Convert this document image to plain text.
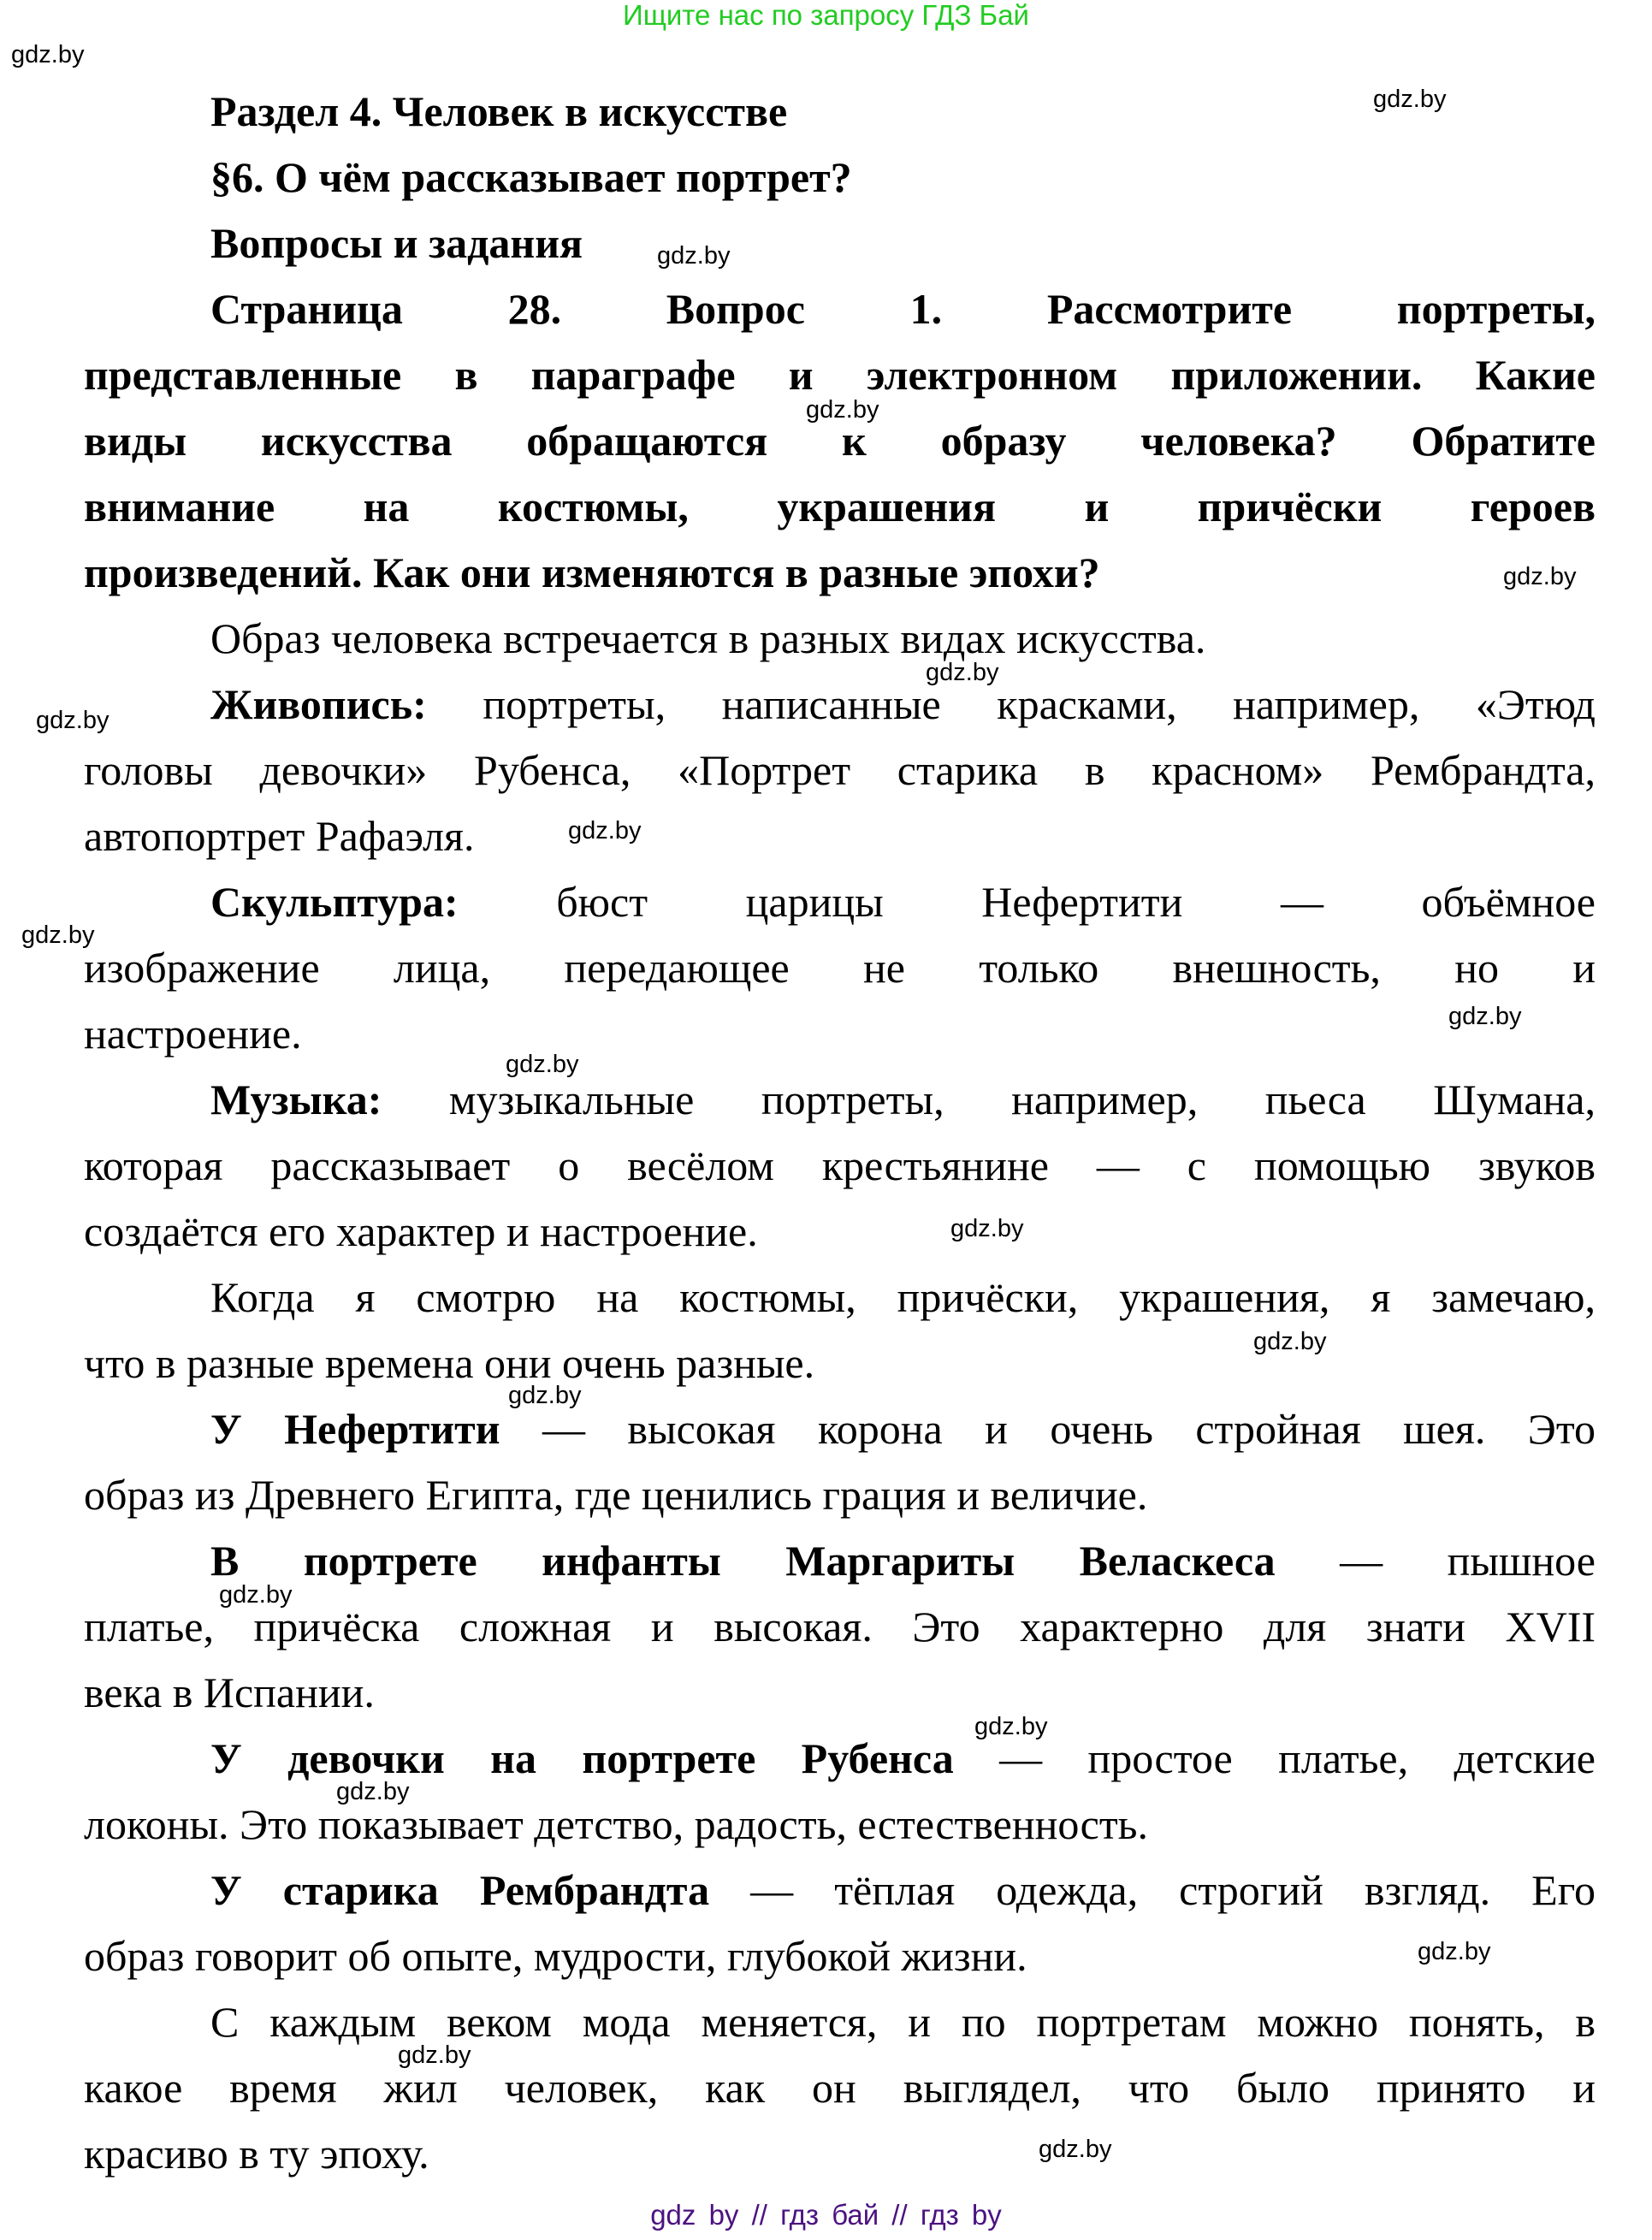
Ищите нас по запросу ГДЗ Бай
Раздел 4. Человек в искусстве
§6. О чём рассказывает портрет?
Вопросы и задания
Страница 28. Вопрос 1. Рассмотрите портреты,
представленные в параграфе и электронном приложении. Какие
виды искусства обращаются к образу человека? Обратите
внимание на костюмы, украшения и причёски героев
произведений. Как они изменяются в разные эпохи?
Образ человека встречается в разных видах искусства.
Живопись: портреты, написанные красками, например, «Этюд
головы девочки» Рубенса, «Портрет старика в красном» Рембрандта,
автопортрет Рафаэля.
Скульптура: бюст царицы Нефертити — объёмное
изображение лица, передающее не только внешность, но и
настроение.
Музыка: музыкальные портреты, например, пьеса Шумана,
которая рассказывает о весёлом крестьянине — с помощью звуков
создаётся его характер и настроение.
Когда я смотрю на костюмы, причёски, украшения, я замечаю,
что в разные времена они очень разные.
У Нефертити — высокая корона и очень стройная шея. Это
образ из Древнего Египта, где ценились грация и величие.
В портрете инфанты Маргариты Веласкеса — пышное
платье, причёска сложная и высокая. Это характерно для знати XVII
века в Испании.
У девочки на портрете Рубенса — простое платье, детские
локоны. Это показывает детство, радость, естественность.
У старика Рембрандта — тёплая одежда, строгий взгляд. Его
образ говорит об опыте, мудрости, глубокой жизни.
С каждым веком мода меняется, и по портретам можно понять, в
какое время жил человек, как он выглядел, что было принято и
красиво в ту эпоху.
gdz.by
gdz.by
gdz.by
gdz.by
gdz.by
gdz.by
gdz.by
gdz.by
gdz.by
gdz.by
gdz.by
gdz.by
gdz.by
gdz.by
gdz.by
gdz.by
gdz.by
gdz.by
gdz.by
gdz.by
gdz by // гдз бай // гдз by
